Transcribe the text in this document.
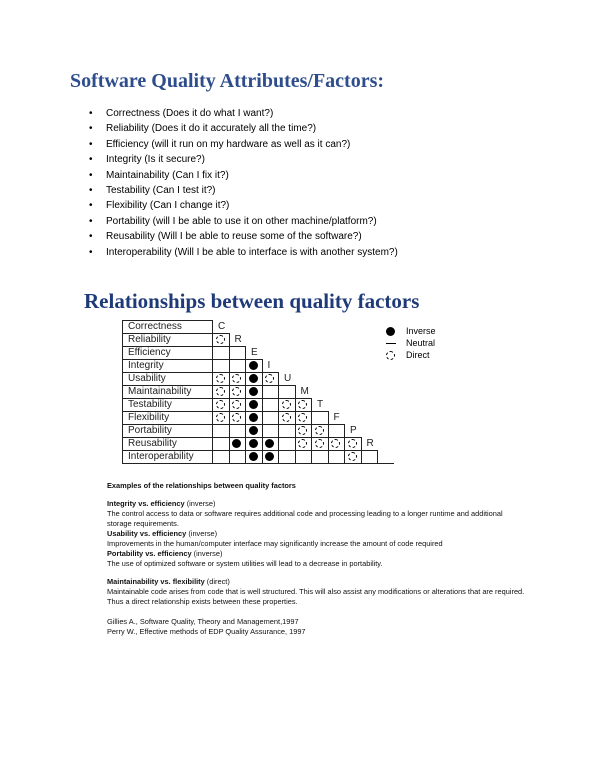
Software Quality Attributes/Factors:
• Correctness (Does it do what I want?)
• Reliability (Does it do it accurately all the time?)
• Efficiency (will it run on my hardware as well as it can?)
• Integrity (Is it secure?)
• Maintainability (Can I fix it?)
• Testability (Can I test it?)
• Flexibility (Can I change it?)
• Portability (will I be able to use it on other machine/platform?)
• Reusability (Will I be able to reuse some of the software?)
• Interoperability (Will I be able to interface is with another system?)
Relationships between quality factors
Correctness
Reliability
Efficiency
Integrity
Usability
Maintainability
Testability
Flexibility
Portability
Reusability
Interoperability
C
R
E
I
U
M
T
F
P
R
Inverse
Neutral
Direct
Examples of the relationships between quality factors
Integrity vs. efficiency (inverse)
The control access to data or software requires additional code and processing leading to a longer runtime and additional storage requirements.
Usability vs. efficiency (inverse)
Improvements in the human/computer interface may significantly increase the amount of code required
Portability vs. efficiency (inverse)
The use of optimized software or system utilities will lead to a decrease in portability.
Maintainability vs. flexibility (direct)
Maintainable code arises from code that is well structured. This will also assist any modifications or alterations that are required. Thus a direct relationship exists between these properties.
Gillies A., Software Quality, Theory and Management,1997
Perry W., Effective methods of EDP Quality Assurance, 1997
